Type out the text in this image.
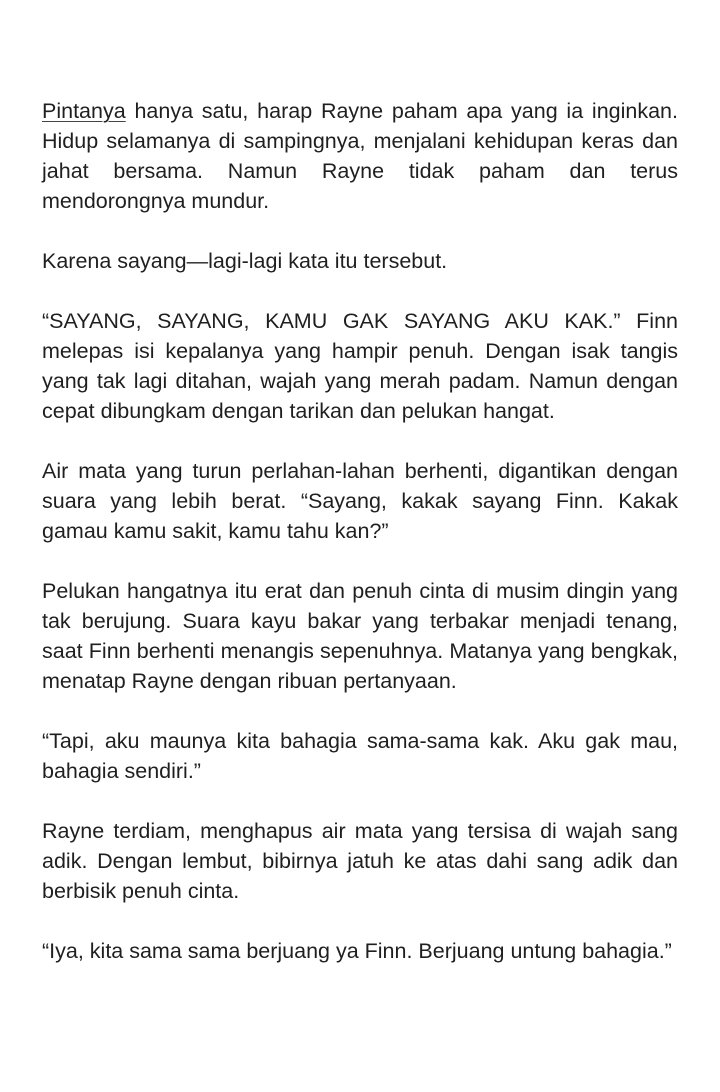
Pintanya hanya satu, harap Rayne paham apa yang ia inginkan. Hidup selamanya di sampingnya, menjalani kehidupan keras dan jahat bersama. Namun Rayne tidak paham dan terus mendorongnya mundur.

Karena sayang—lagi-lagi kata itu tersebut.

“SAYANG, SAYANG, KAMU GAK SAYANG AKU KAK.” Finn melepas isi kepalanya yang hampir penuh. Dengan isak tangis yang tak lagi ditahan, wajah yang merah padam. Namun dengan cepat dibungkam dengan tarikan dan pelukan hangat.

Air mata yang turun perlahan-lahan berhenti, digantikan dengan suara yang lebih berat. “Sayang, kakak sayang Finn. Kakak gamau kamu sakit, kamu tahu kan?”

Pelukan hangatnya itu erat dan penuh cinta di musim dingin yang tak berujung. Suara kayu bakar yang terbakar menjadi tenang, saat Finn berhenti menangis sepenuhnya. Matanya yang bengkak, menatap Rayne dengan ribuan pertanyaan.

“Tapi, aku maunya kita bahagia sama-sama kak. Aku gak mau, bahagia sendiri.”

Rayne terdiam, menghapus air mata yang tersisa di wajah sang adik. Dengan lembut, bibirnya jatuh ke atas dahi sang adik dan berbisik penuh cinta.

“Iya, kita sama sama berjuang ya Finn. Berjuang untung bahagia.”
